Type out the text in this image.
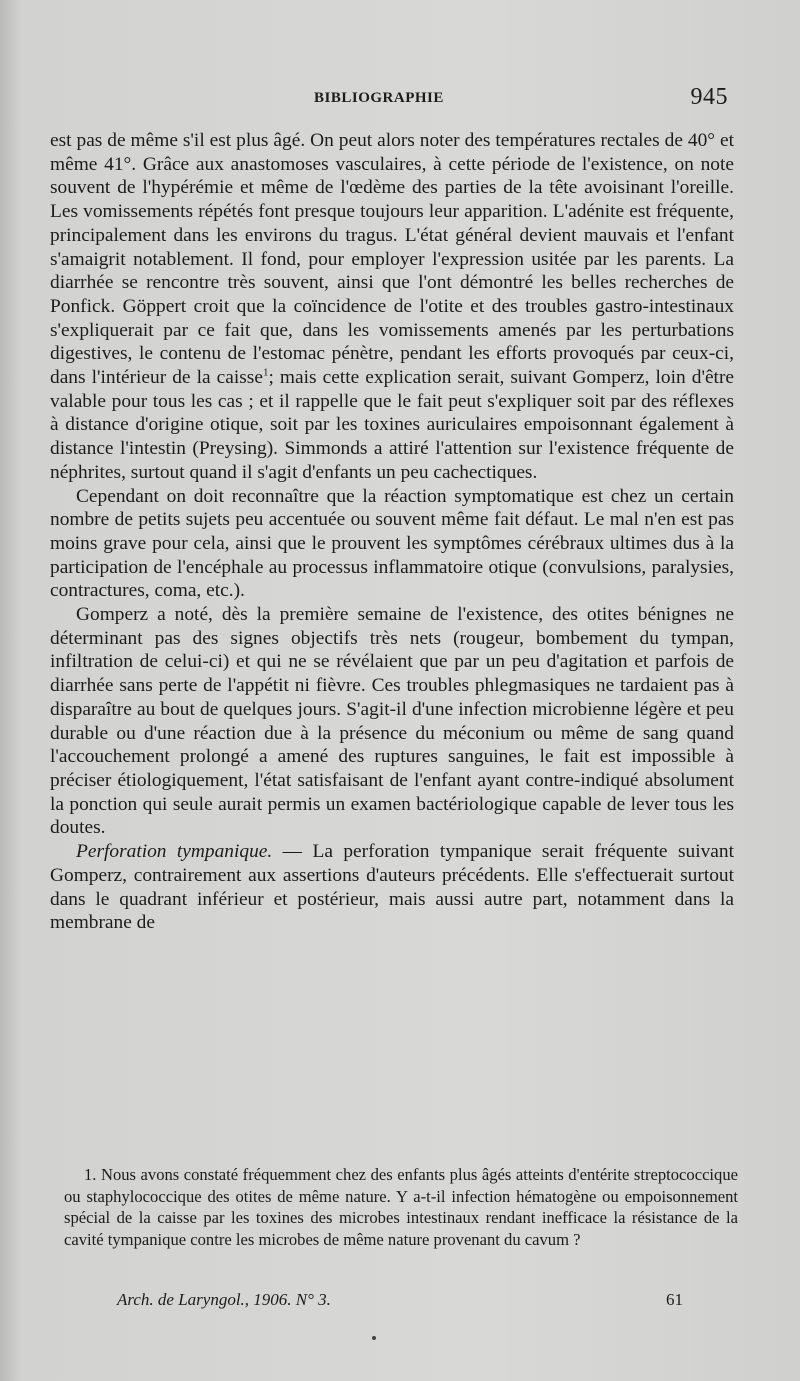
BIBLIOGRAPHIE	945

est pas de même s'il est plus âgé. On peut alors noter des températures rectales de 40° et même 41°. Grâce aux anastomoses vasculaires, à cette période de l'existence, on note souvent de l'hypérémie et même de l'œdème des parties de la tête avoisinant l'oreille. Les vomissements répétés font presque toujours leur apparition. L'adénite est fréquente, principalement dans les environs du tragus. L'état général devient mauvais et l'enfant s'amaigrit notablement. Il fond, pour employer l'expression usitée par les parents. La diarrhée se rencontre très souvent, ainsi que l'ont démontré les belles recherches de Ponfick. Göppert croit que la coïncidence de l'otite et des troubles gastro-intestinaux s'expliquerait par ce fait que, dans les vomissements amenés par les perturbations digestives, le contenu de l'estomac pénètre, pendant les efforts provoqués par ceux-ci, dans l'intérieur de la caisse$^1$; mais cette explication serait, suivant Gomperz, loin d'être valable pour tous les cas ; et il rappelle que le fait peut s'expliquer soit par des réflexes à distance d'origine otique, soit par les toxines auriculaires empoisonnant également à distance l'intestin (Preysing). Simmonds a attiré l'attention sur l'existence fréquente de néphrites, surtout quand il s'agit d'enfants un peu cachectiques.

Cependant on doit reconnaître que la réaction symptomatique est chez un certain nombre de petits sujets peu accentuée ou souvent même fait défaut. Le mal n'en est pas moins grave pour cela, ainsi que le prouvent les symptômes cérébraux ultimes dus à la participation de l'encéphale au processus inflammatoire otique (convulsions, paralysies, contractures, coma, etc.).

Gomperz a noté, dès la première semaine de l'existence, des otites bénignes ne déterminant pas des signes objectifs très nets (rougeur, bombement du tympan, infiltration de celui-ci) et qui ne se révélaient que par un peu d'agitation et parfois de diarrhée sans perte de l'appétit ni fièvre. Ces troubles phlegmasiques ne tardaient pas à disparaître au bout de quelques jours. S'agit-il d'une infection microbienne légère et peu durable ou d'une réaction due à la présence du méconium ou même de sang quand l'accouchement prolongé a amené des ruptures sanguines, le fait est impossible à préciser étiologiquement, l'état satisfaisant de l'enfant ayant contre-indiqué absolument la ponction qui seule aurait permis un examen bactériologique capable de lever tous les doutes.

Perforation tympanique. — La perforation tympanique serait fréquente suivant Gomperz, contrairement aux assertions d'auteurs précédents. Elle s'effectuerait surtout dans le quadrant inférieur et postérieur, mais aussi autre part, notamment dans la membrane de

1. Nous avons constaté fréquemment chez des enfants plus âgés atteints d'entérite streptococcique ou staphylococcique des otites de même nature. Y a-t-il infection hématogène ou empoisonnement spécial de la caisse par les toxines des microbes intestinaux rendant inefficace la résistance de la cavité tympanique contre les microbes de même nature provenant du cavum ?

Arch. de Laryngol., 1906. N° 3.	61
